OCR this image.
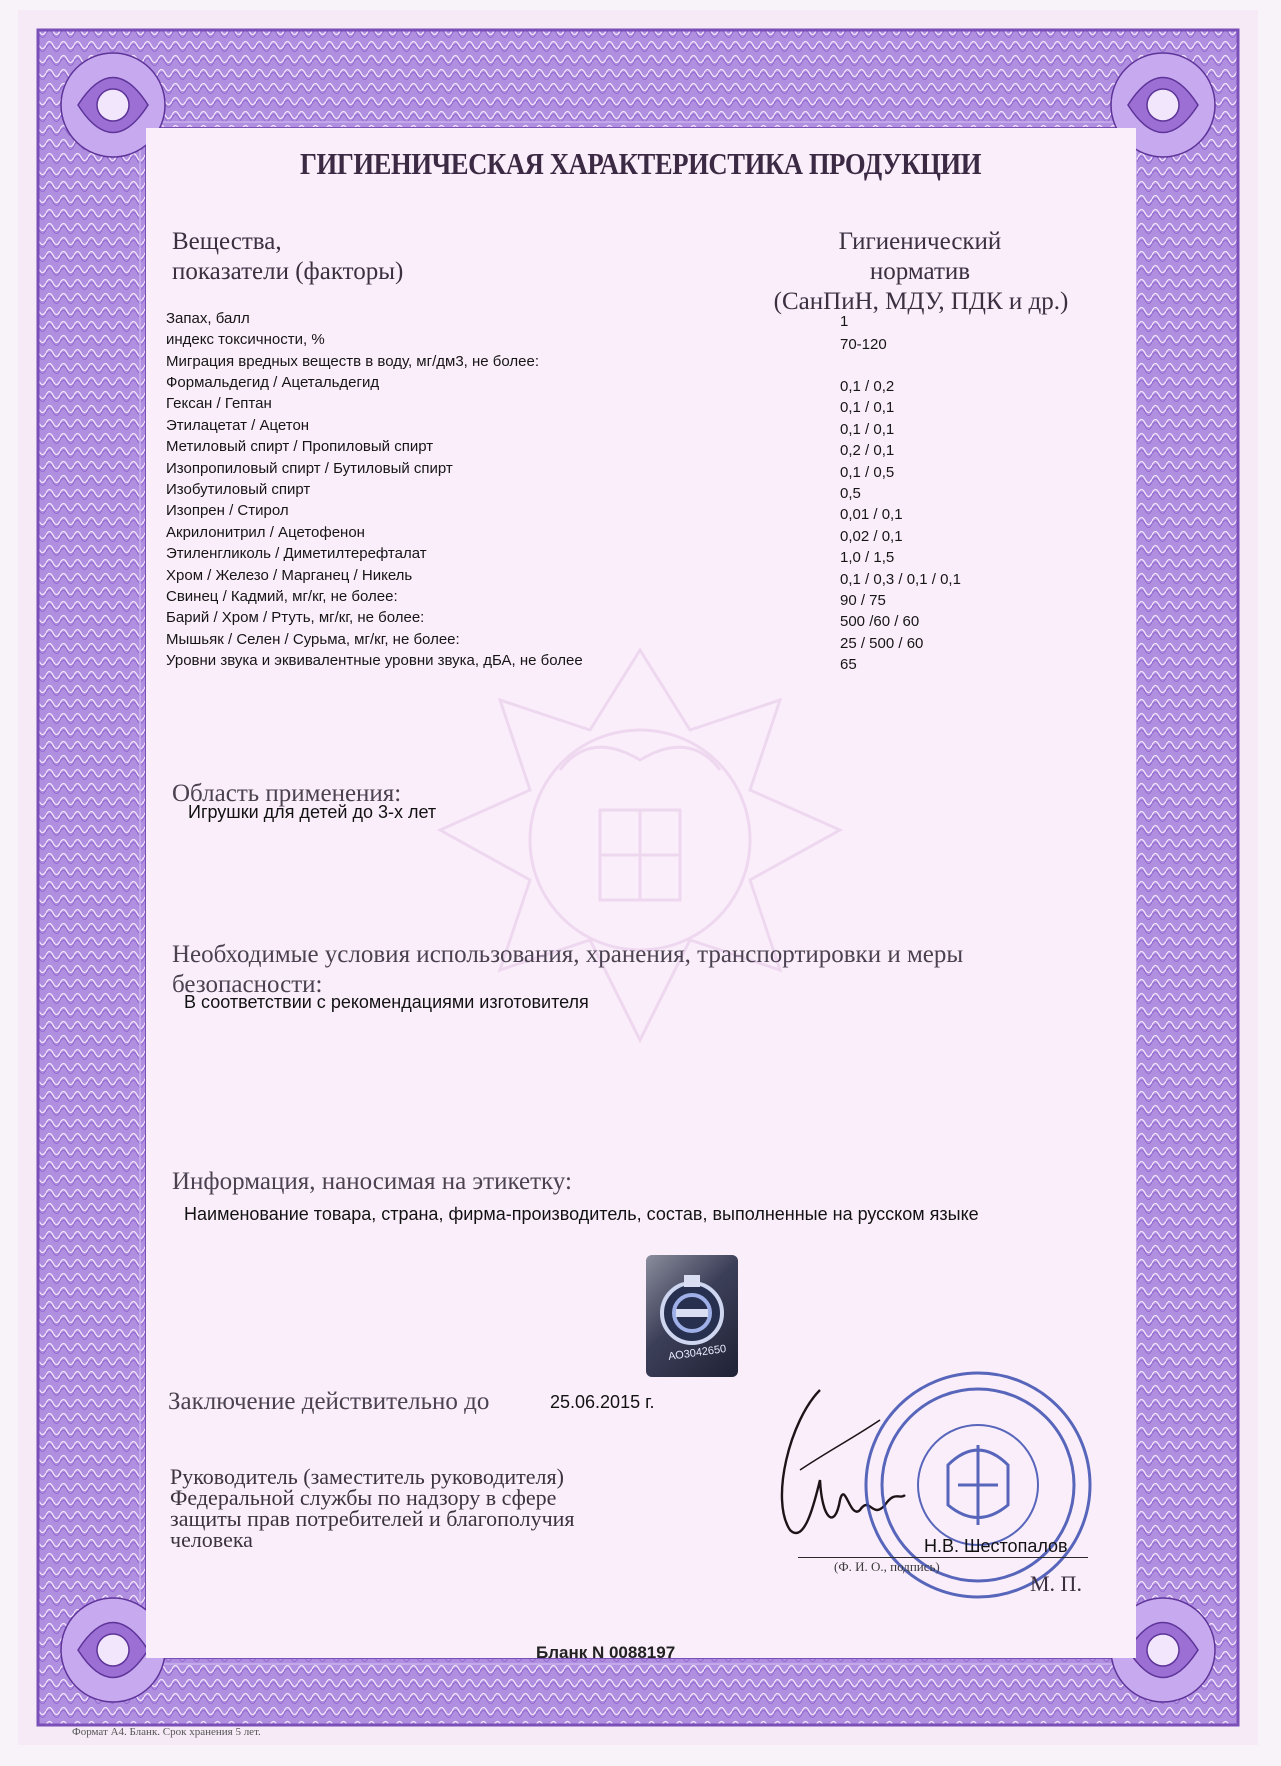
ГИГИЕНИЧЕСКАЯ ХАРАКТЕРИСТИКА ПРОДУКЦИИ
Вещества,
показатели (факторы)
Гигиенический
норматив
(СанПиН, МДУ, ПДК и др.)
Запах, балл	1
индекс токсичности, %	70-120
Миграция вредных веществ в воду, мг/дм3, не более:
Формальдегид / Ацетальдегид	0,1 / 0,2
Гексан / Гептан	0,1 / 0,1
Этилацетат / Ацетон	0,1 / 0,1
Метиловый спирт / Пропиловый спирт	0,2 / 0,1
Изопропиловый спирт / Бутиловый спирт	0,1 / 0,5
Изобутиловый спирт	0,5
Изопрен / Стирол	0,01 / 0,1
Акрилонитрил / Ацетофенон	0,02 / 0,1
Этиленгликоль / Диметилтерефталат	1,0 / 1,5
Хром / Железо / Марганец / Никель	0,1 / 0,3 / 0,1 / 0,1
Свинец / Кадмий, мг/кг, не более:	90 / 75
Барий / Хром / Ртуть, мг/кг, не более:	500 /60 / 60
Мышьяк / Селен / Сурьма, мг/кг, не более:	25 / 500 / 60
Уровни звука и эквивалентные уровни звука, дБА, не более	65
Область применения:
Игрушки для детей до 3-х лет
Необходимые условия использования, хранения, транспортировки и меры безопасности:
В соответствии с рекомендациями изготовителя
Информация, наносимая на этикетку:
Наименование товара, страна, фирма-производитель, состав, выполненные на русском языке
АО3042650
Заключение действительно до	25.06.2015 г.
Руководитель (заместитель руководителя)
Федеральной службы по надзору в сфере
защиты прав потребителей и благополучия
человека	Н.В. Шестопалов
(Ф. И. О., подпись)
М. П.
Бланк N 0088197
Формат А4. Бланк. Срок хранения 5 лет.
